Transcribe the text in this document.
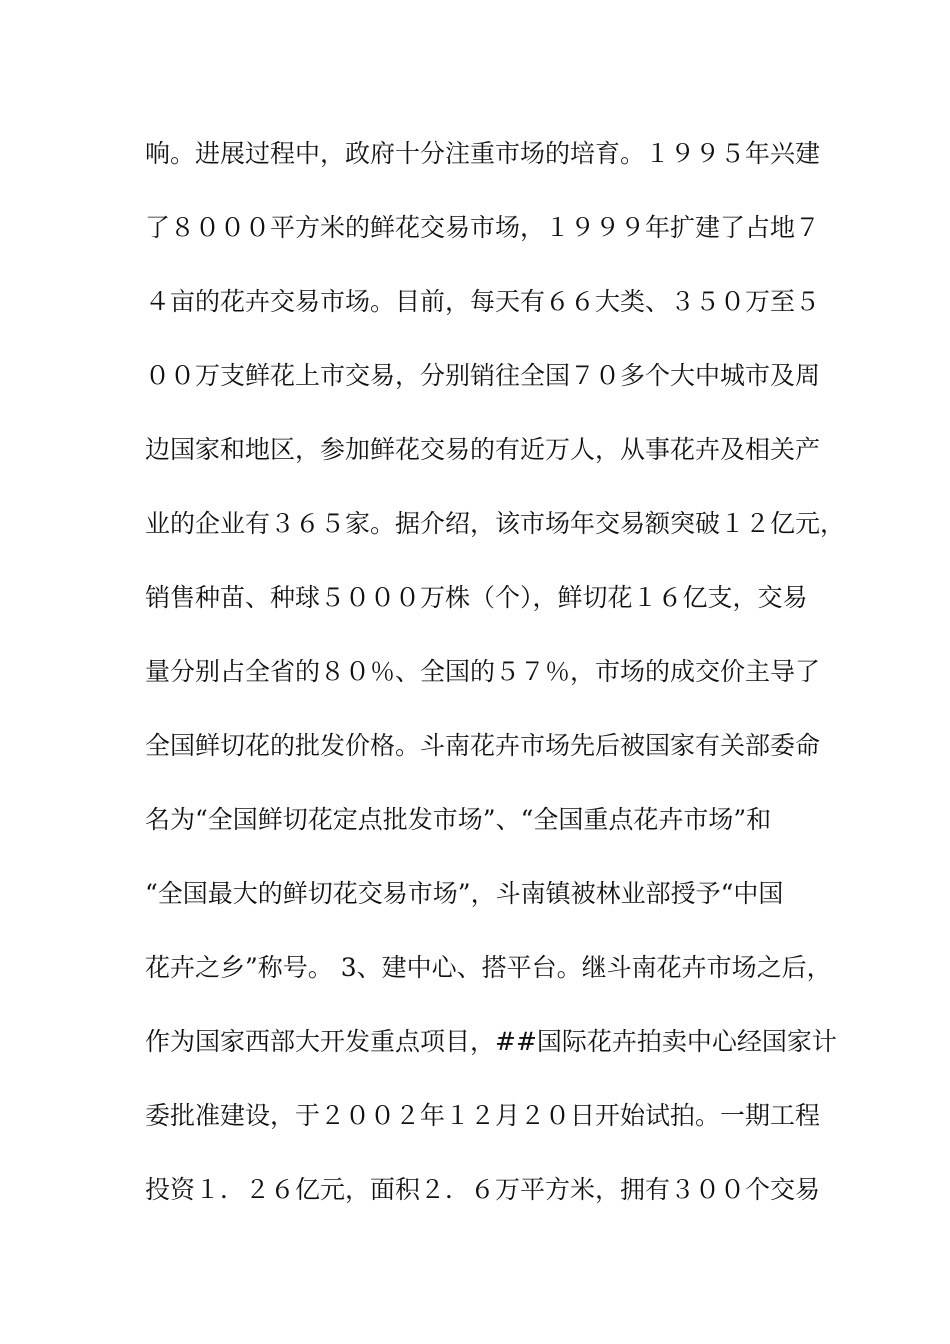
响。进展过程中，政府十分注重市场的培育。１９９５年兴建
了８０００平方米的鲜花交易市场，１９９９年扩建了占地７
４亩的花卉交易市场。目前，每天有６６大类、３５０万至５
００万支鲜花上市交易，分别销往全国７０多个大中城市及周
边国家和地区，参加鲜花交易的有近万人，从事花卉及相关产
业的企业有３６５家。据介绍，该市场年交易额突破１２亿元，
销售种苗、种球５０００万株（个），鲜切花１６亿支，交易
量分别占全省的８０％、全国的５７％，市场的成交价主导了
全国鲜切花的批发价格。斗南花卉市场先后被国家有关部委命
名为“全国鲜切花定点批发市场”、“全国重点花卉市场”和
“全国最大的鲜切花交易市场”，斗南镇被林业部授予“中国
花卉之乡”称号。 3、建中心、搭平台。继斗南花卉市场之后，
作为国家西部大开发重点项目，##国际花卉拍卖中心经国家计
委批准建设，于２００２年１２月２０日开始试拍。一期工程
投资１．２６亿元，面积２．６万平方米，拥有３００个交易
